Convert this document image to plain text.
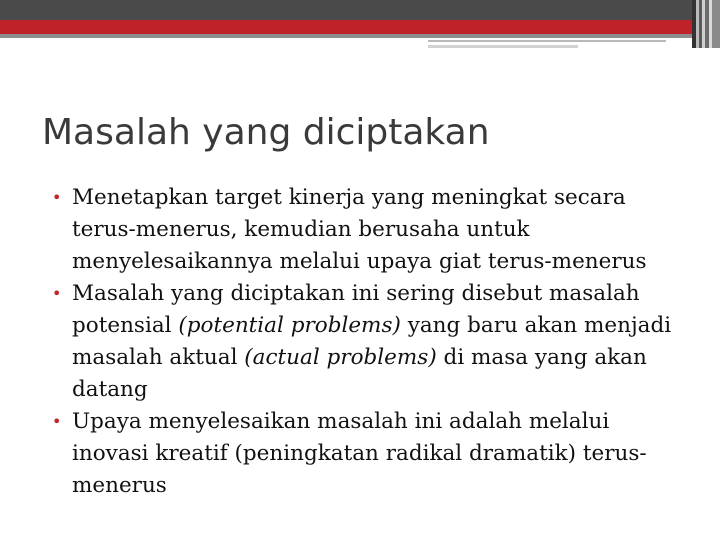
Masalah yang diciptakan
• Menetapkan target kinerja yang meningkat secara terus-menerus, kemudian berusaha untuk menyelesaikannya melalui upaya giat terus-menerus
• Masalah yang diciptakan ini sering disebut masalah potensial (potential problems) yang baru akan menjadi masalah aktual (actual problems) di masa yang akan datang
• Upaya menyelesaikan masalah ini adalah melalui inovasi kreatif (peningkatan radikal dramatik) terus-menerus
